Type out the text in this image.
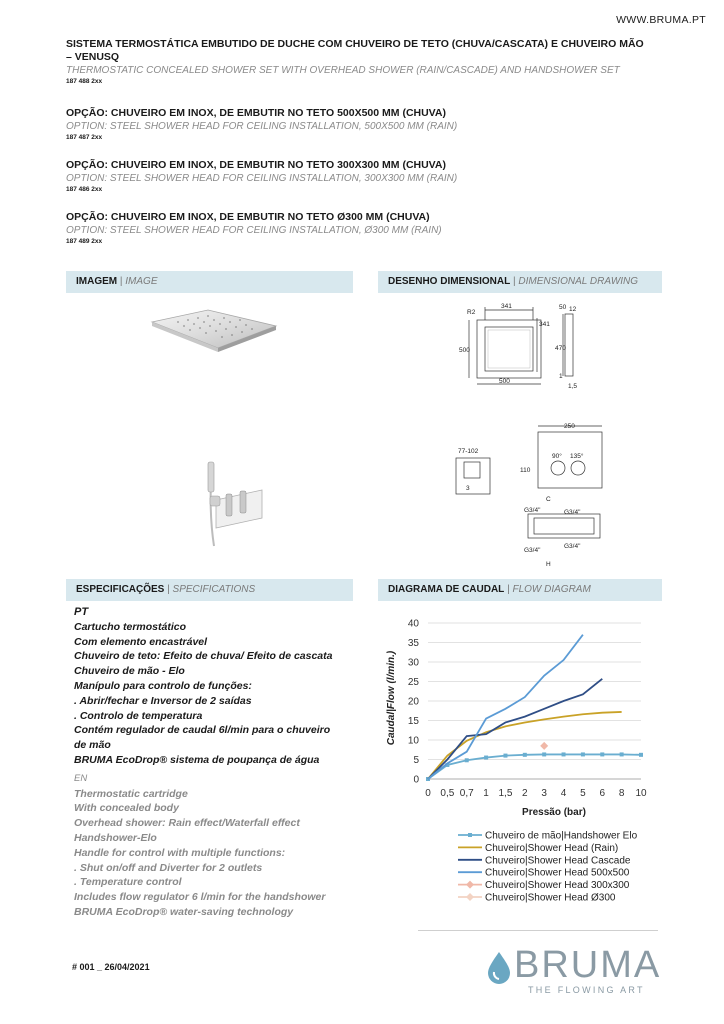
WWW.BRUMA.PT
SISTEMA TERMOSTÁTICA EMBUTIDO DE DUCHE COM CHUVEIRO DE TETO (CHUVA/CASCATA) E CHUVEIRO MÃO
– VENUSQ
THERMOSTATIC CONCEALED SHOWER SET WITH OVERHEAD SHOWER (RAIN/CASCADE) AND HANDSHOWER SET
187 488 2xx
OPÇÃO: CHUVEIRO EM INOX, DE EMBUTIR NO TETO 500X500 MM (CHUVA)
OPTION: STEEL SHOWER HEAD FOR CEILING INSTALLATION, 500X500 MM (RAIN)
187 487 2xx
OPÇÃO: CHUVEIRO EM INOX, DE EMBUTIR NO TETO 300X300 MM (CHUVA)
OPTION: STEEL SHOWER HEAD FOR CEILING INSTALLATION, 300X300 MM (RAIN)
187 486 2xx
OPÇÃO: CHUVEIRO EM INOX, DE EMBUTIR NO TETO Ø300 MM (CHUVA)
OPTION: STEEL SHOWER HEAD FOR CEILING INSTALLATION, Ø300 MM (RAIN)
187 489 2xx
IMAGEM | IMAGE	DESENHO DIMENSIONAL | DIMENSIONAL DRAWING
ESPECIFICAÇÕES | SPECIFICATIONS	DIAGRAMA DE CAUDAL | FLOW DIAGRAM
341
R2
341
500
500
50 12
470
1
1,5
77-102
110
3
250
90° 135°
C
G3/4"	G3/4"
G3/4"
G3/4"
H
PT
Cartucho termostático
Com elemento encastrável
Chuveiro de teto: Efeito de chuva/ Efeito de cascata
Chuveiro de mão - Elo
Manípulo para controlo de funções:
. Abrir/fechar e Inversor de 2 saídas
. Controlo de temperatura
Contém regulador de caudal 6l/min para o chuveiro
de mão
BRUMA EcoDrop® sistema de poupança de água
EN
Thermostatic cartridge
With concealed body
Overhead shower: Rain effect/Waterfall effect
Handshower-Elo
Handle for control with multiple functions:
. Shut on/off and Diverter for 2 outlets
. Temperature control
Includes flow regulator 6 l/min for the handshower
BRUMA EcoDrop® water-saving technology
0
5
10
15
20
25
30
35
40
0 0,5 0,7 1 1,5 2 3 4 5 6 8 10
Pressão (bar)
Caudal|Flow (l/min.)
Chuveiro de mão|Handshower Elo
Chuveiro|Shower Head (Rain)
Chuveiro|Shower Head Cascade
Chuveiro|Shower Head 500x500
Chuveiro|Shower Head 300x300
Chuveiro|Shower Head Ø300
# 001 _ 26/04/2021	BRUMA
THE FLOWING ART
